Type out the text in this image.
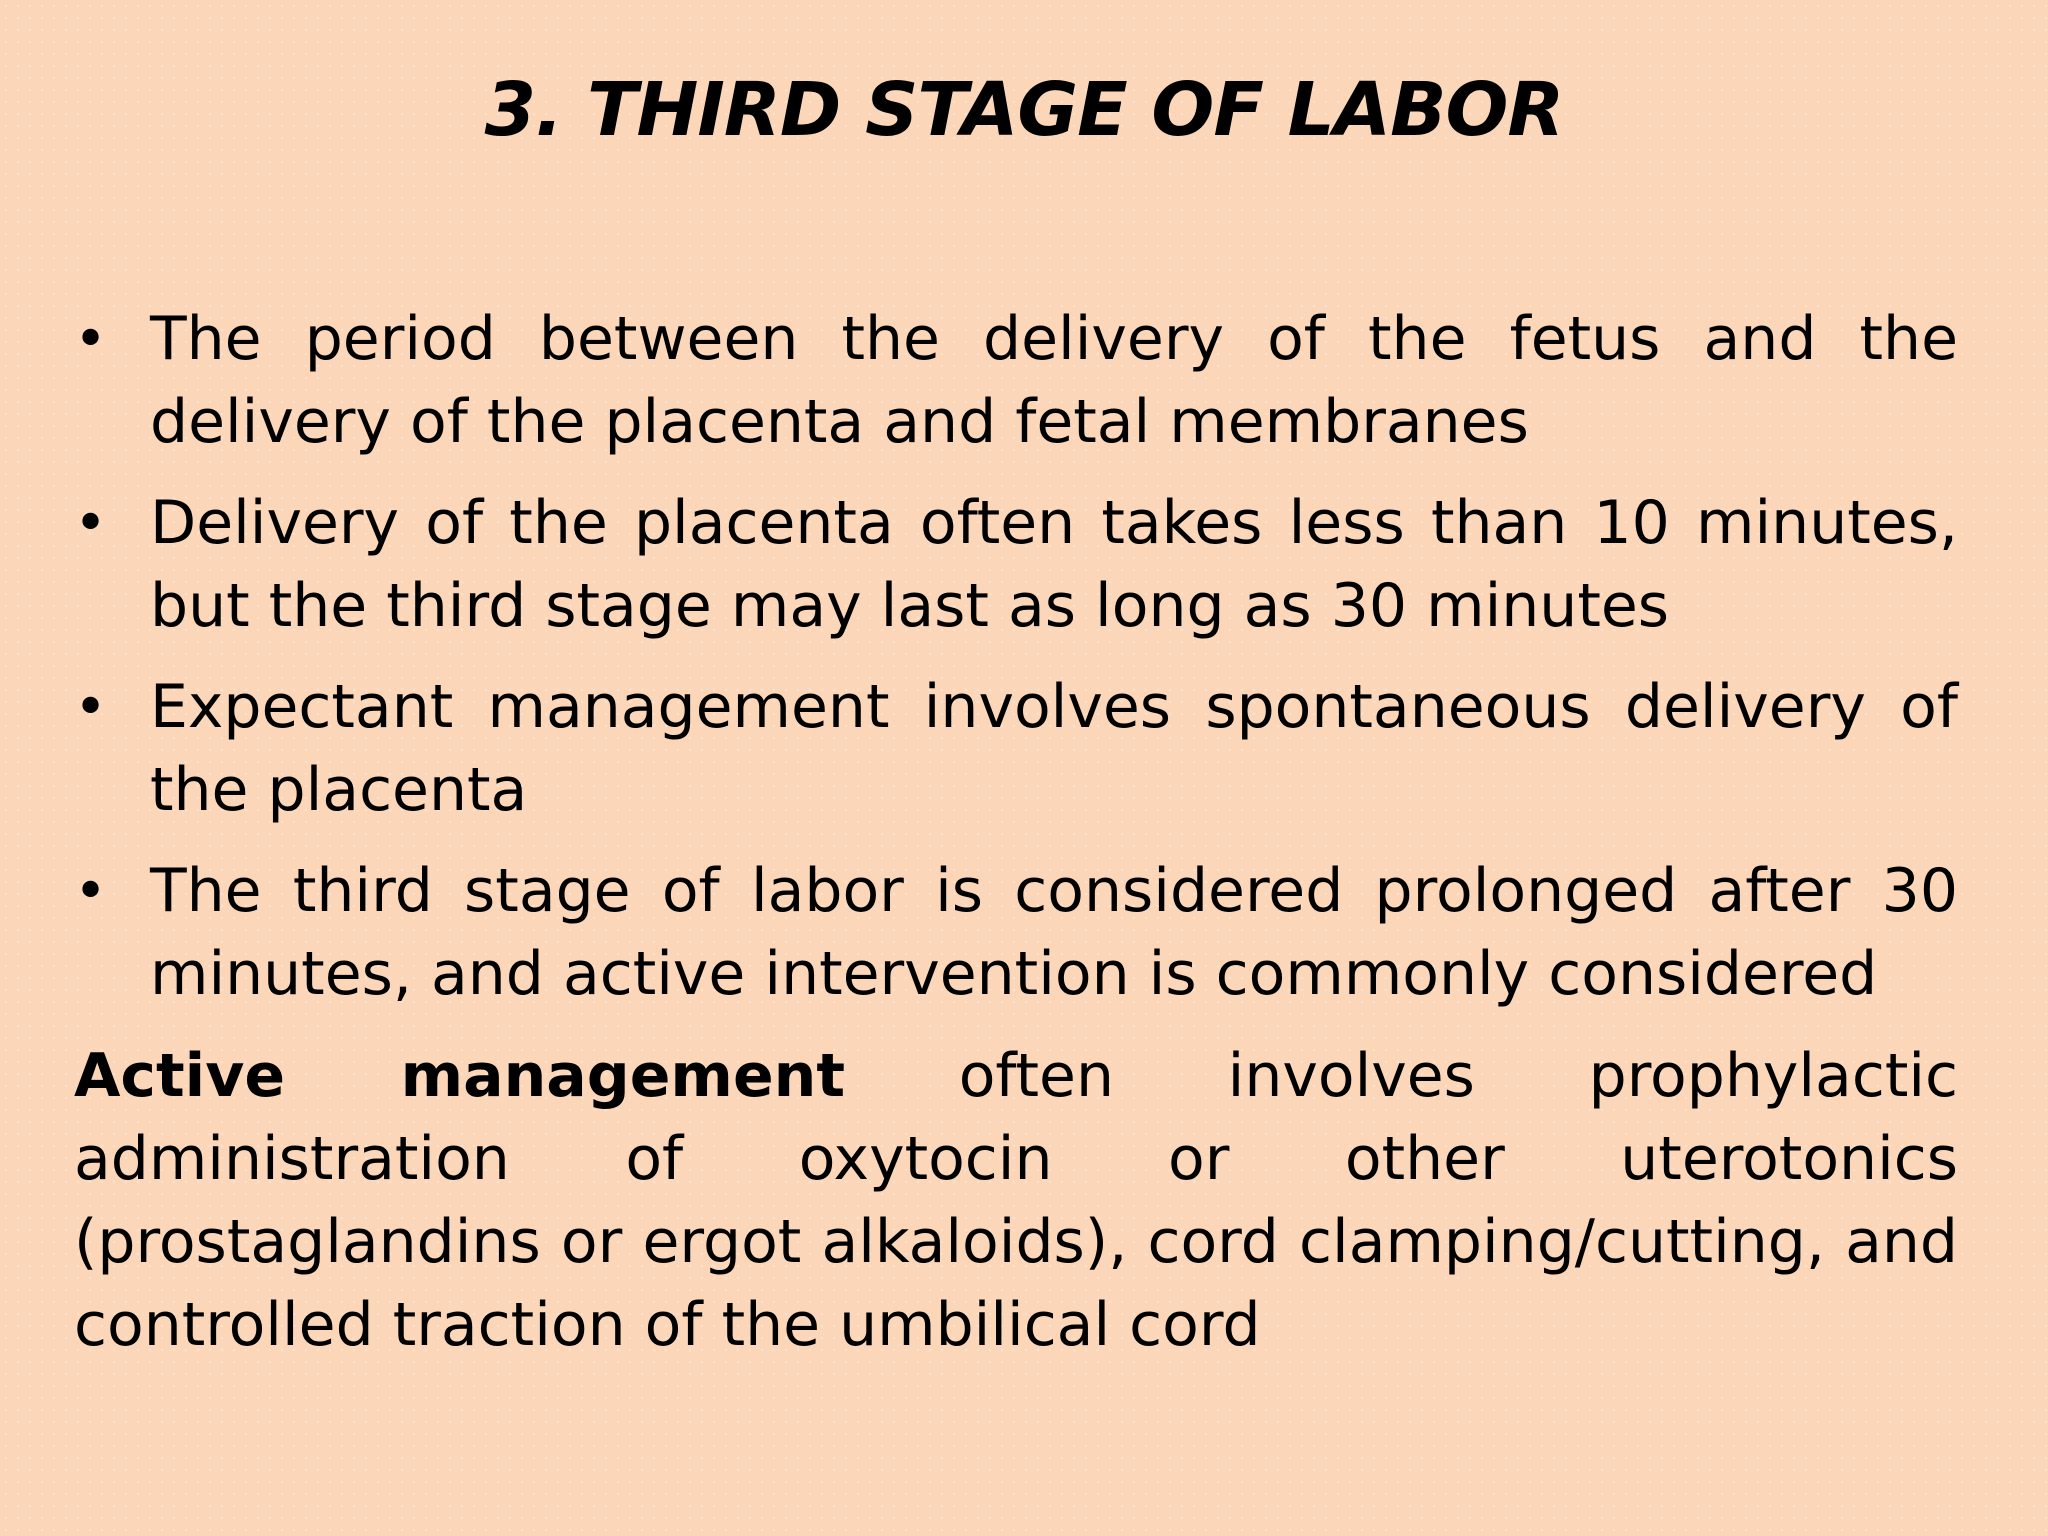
3. THIRD STAGE OF LABOR
• The period between the delivery of the fetus and the delivery of the placenta and fetal membranes
• Delivery of the placenta often takes less than 10 minutes, but the third stage may last as long as 30 minutes
• Expectant management involves spontaneous delivery of the placenta
• The third stage of labor is considered prolonged after 30 minutes, and active intervention is commonly considered

Active management often involves prophylactic administration of oxytocin or other uterotonics (prostaglandins or ergot alkaloids), cord clamping/cutting, and controlled traction of the umbilical cord
